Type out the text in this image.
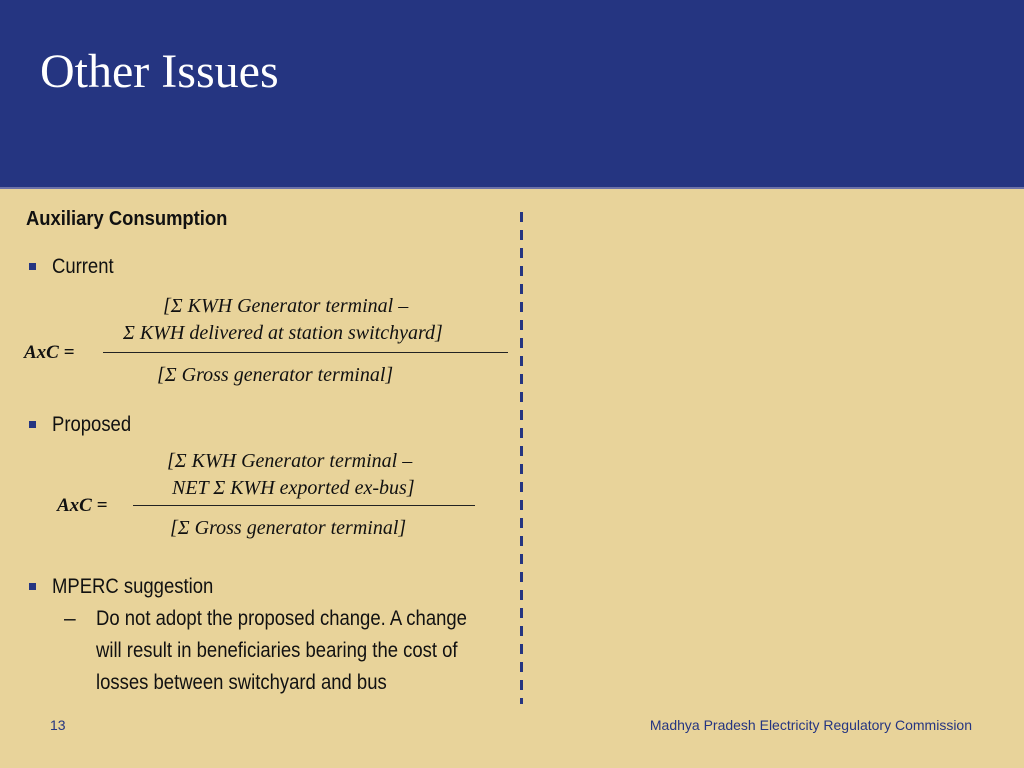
Other Issues
Auxiliary Consumption
Current
[Σ KWH Generator terminal –
Σ KWH delivered at station switchyard]
AxC =
[Σ Gross generator terminal]
Proposed
[Σ KWH Generator terminal –
NET Σ KWH exported ex-bus]
AxC =
[Σ Gross generator terminal]
MPERC suggestion
– Do not adopt the proposed change. A change will result in beneficiaries bearing the cost of losses between switchyard and bus
13	Madhya Pradesh Electricity Regulatory Commission
